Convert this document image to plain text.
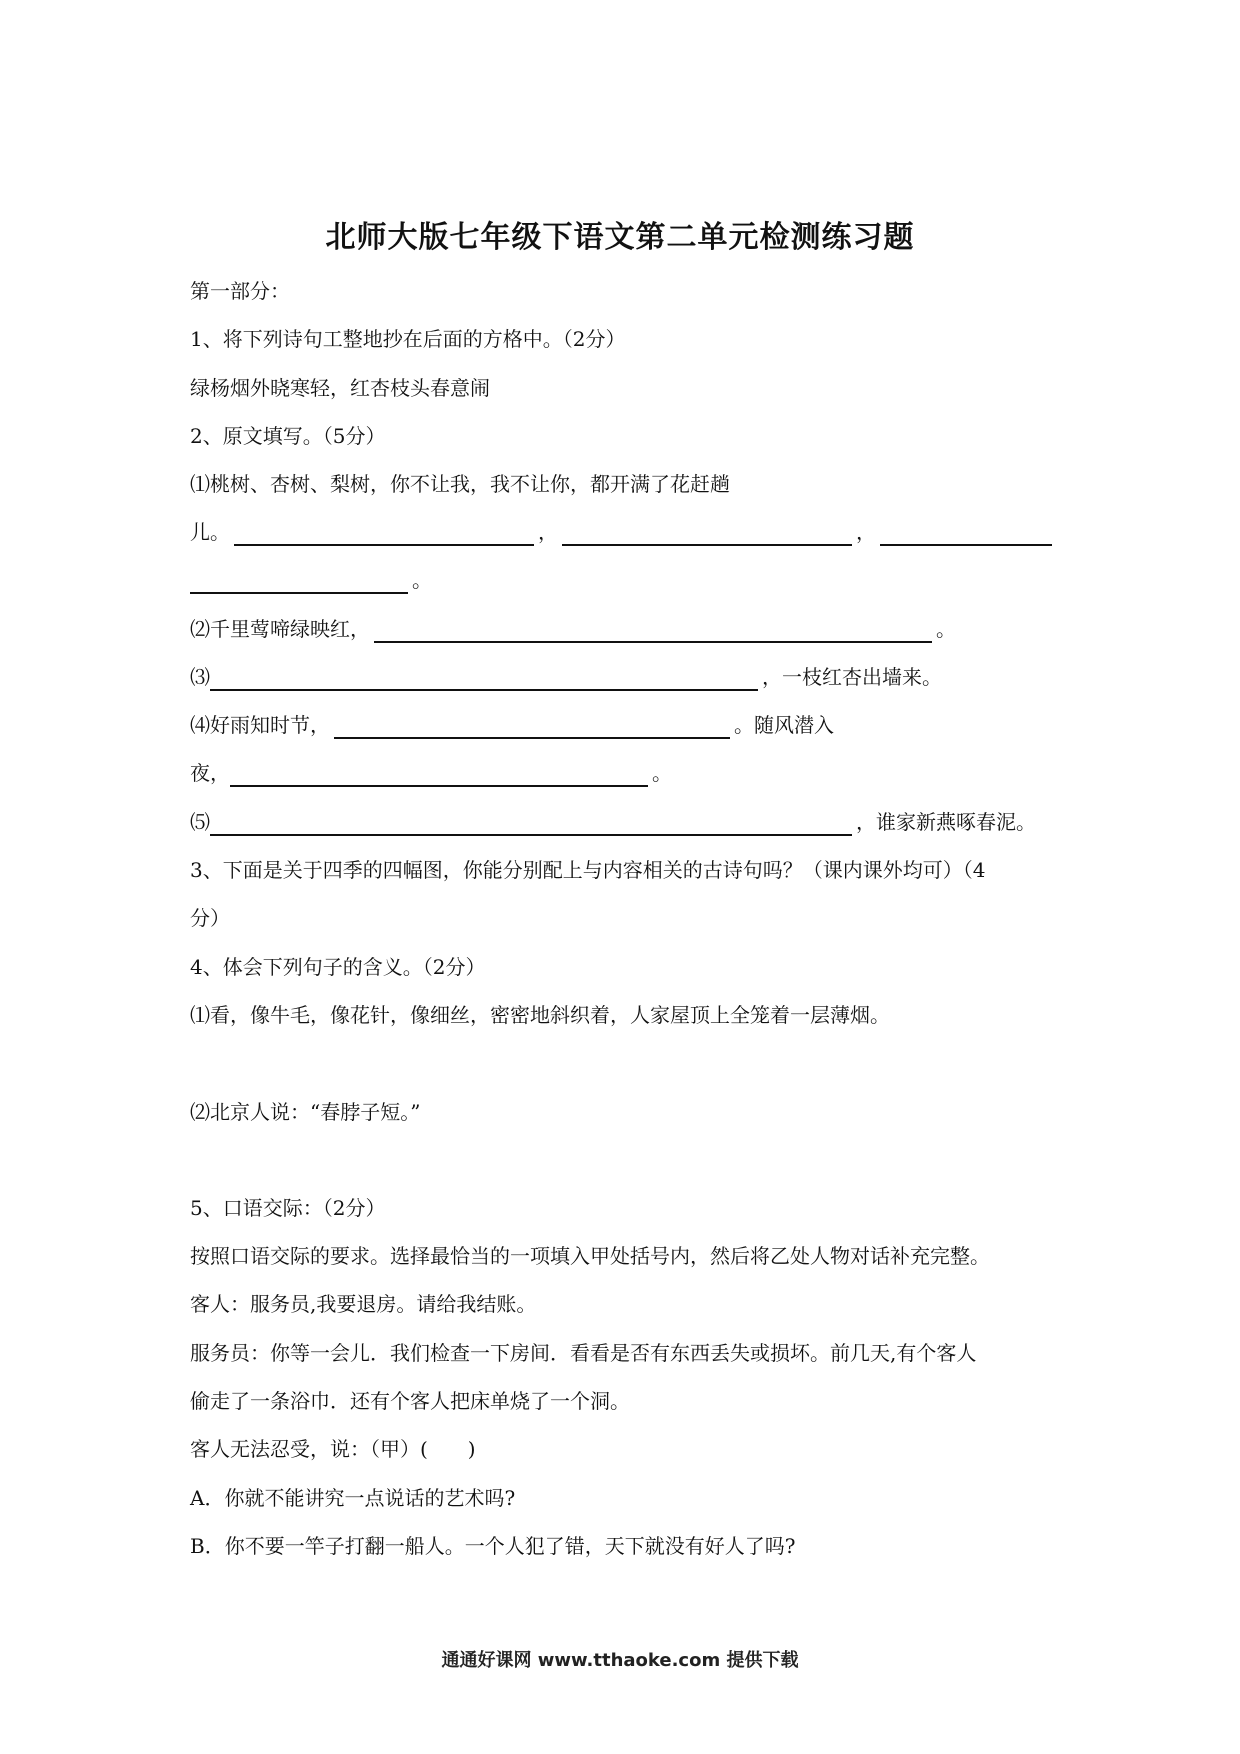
北师大版七年级下语文第二单元检测练习题
第一部分：
1、将下列诗句工整地抄在后面的方格中。（2分）
绿杨烟外晓寒轻，红杏枝头春意闹
2、原文填写。（5分）
⑴桃树、杏树、梨树，你不让我，我不让你，都开满了花赶趟
儿。	，	，
。
⑵千里莺啼绿映红，	。
⑶	，一枝红杏出墙来。
⑷好雨知时节，	。随风潜入
夜，	。
⑸	，谁家新燕啄春泥。
3、下面是关于四季的四幅图，你能分别配上与内容相关的古诗句吗？（课内课外均可）（4
分）
4、体会下列句子的含义。（2分）
⑴看，像牛毛，像花针，像细丝，密密地斜织着，人家屋顶上全笼着一层薄烟。
⑵北京人说：“春脖子短。”
5、口语交际：（2分）
按照口语交际的要求。选择最恰当的一项填入甲处括号内，然后将乙处人物对话补充完整。
客人：服务员,我要退房。请给我结账。
服务员：你等一会儿．我们检查一下房间．看看是否有东西丢失或损坏。前几天,有个客人
偷走了一条浴巾．还有个客人把床单烧了一个洞。
客人无法忍受，说：（甲）(　　)
A．你就不能讲究一点说话的艺术吗?
B．你不要一竿子打翻一船人。一个人犯了错，天下就没有好人了吗?
通通好课网 www.tthaoke.com 提供下载
